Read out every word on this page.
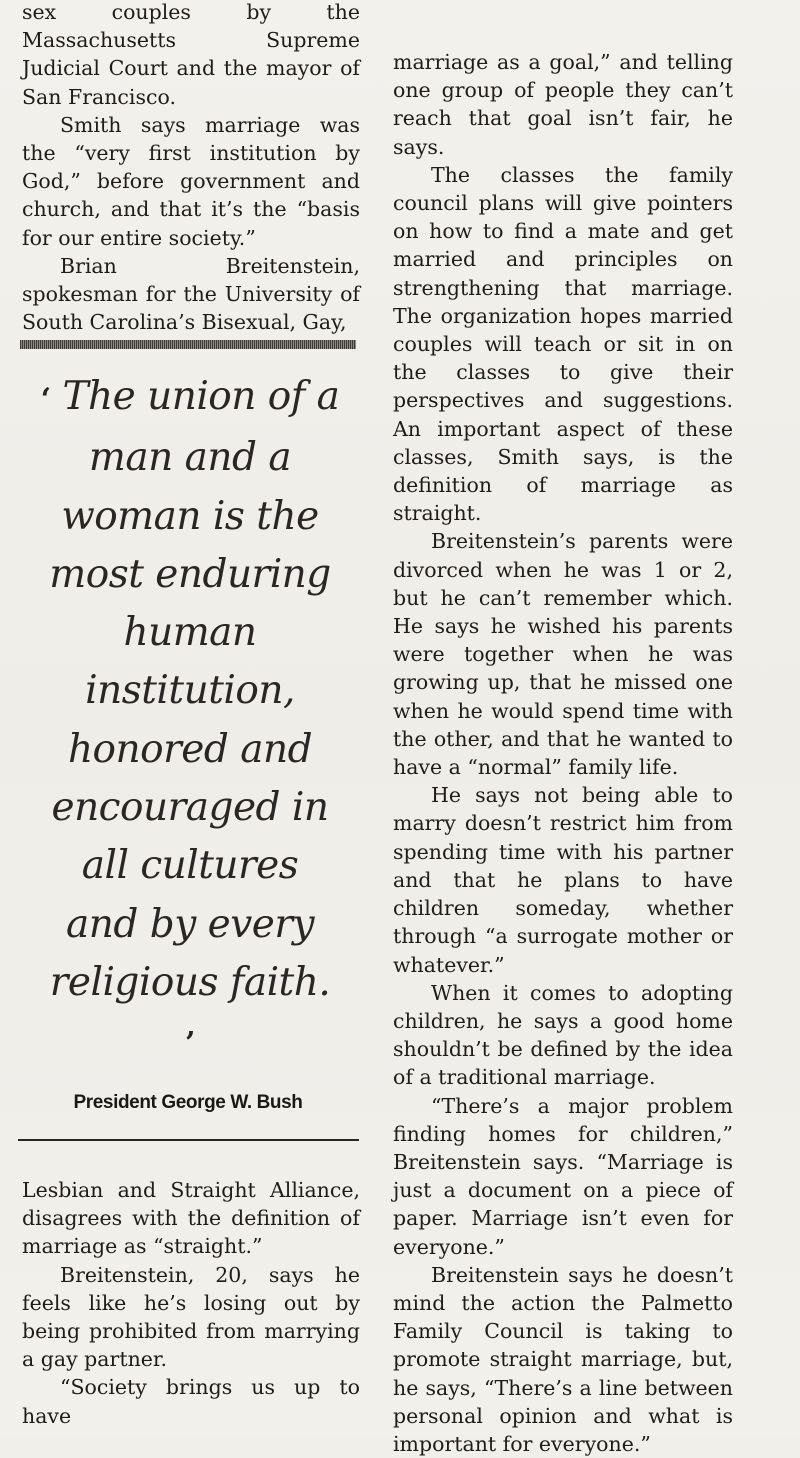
sex couples by the Massachusetts Supreme Judicial Court and the mayor of San Francisco.

Smith says marriage was the “very first institution by God,” before government and church, and that it’s the “basis for our entire society.”

Brian Breitenstein, spokesman for the University of South Carolina’s Bisexual, Gay,

‘ The union of a man and a woman is the most enduring human institution, honored and encouraged in all cultures and by every religious faith. ’
President George W. Bush

Lesbian and Straight Alliance, disagrees with the definition of marriage as “straight.”

Breitenstein, 20, says he feels like he’s losing out by being prohibited from marrying a gay partner.

“Society brings us up to have

marriage as a goal,” and telling one group of people they can’t reach that goal isn’t fair, he says.

The classes the family council plans will give pointers on how to find a mate and get married and principles on strengthening that marriage. The organization hopes married couples will teach or sit in on the classes to give their perspectives and suggestions. An important aspect of these classes, Smith says, is the definition of marriage as straight.

Breitenstein’s parents were divorced when he was 1 or 2, but he can’t remember which. He says he wished his parents were together when he was growing up, that he missed one when he would spend time with the other, and that he wanted to have a “normal” family life.

He says not being able to marry doesn’t restrict him from spending time with his partner and that he plans to have children someday, whether through “a surrogate mother or whatever.”

When it comes to adopting children, he says a good home shouldn’t be defined by the idea of a traditional marriage.

“There’s a major problem finding homes for children,” Breitenstein says. “Marriage is just a document on a piece of paper. Marriage isn’t even for everyone.”

Breitenstein says he doesn’t mind the action the Palmetto Family Council is taking to promote straight marriage, but, he says, “There’s a line between personal opinion and what is important for everyone.”
